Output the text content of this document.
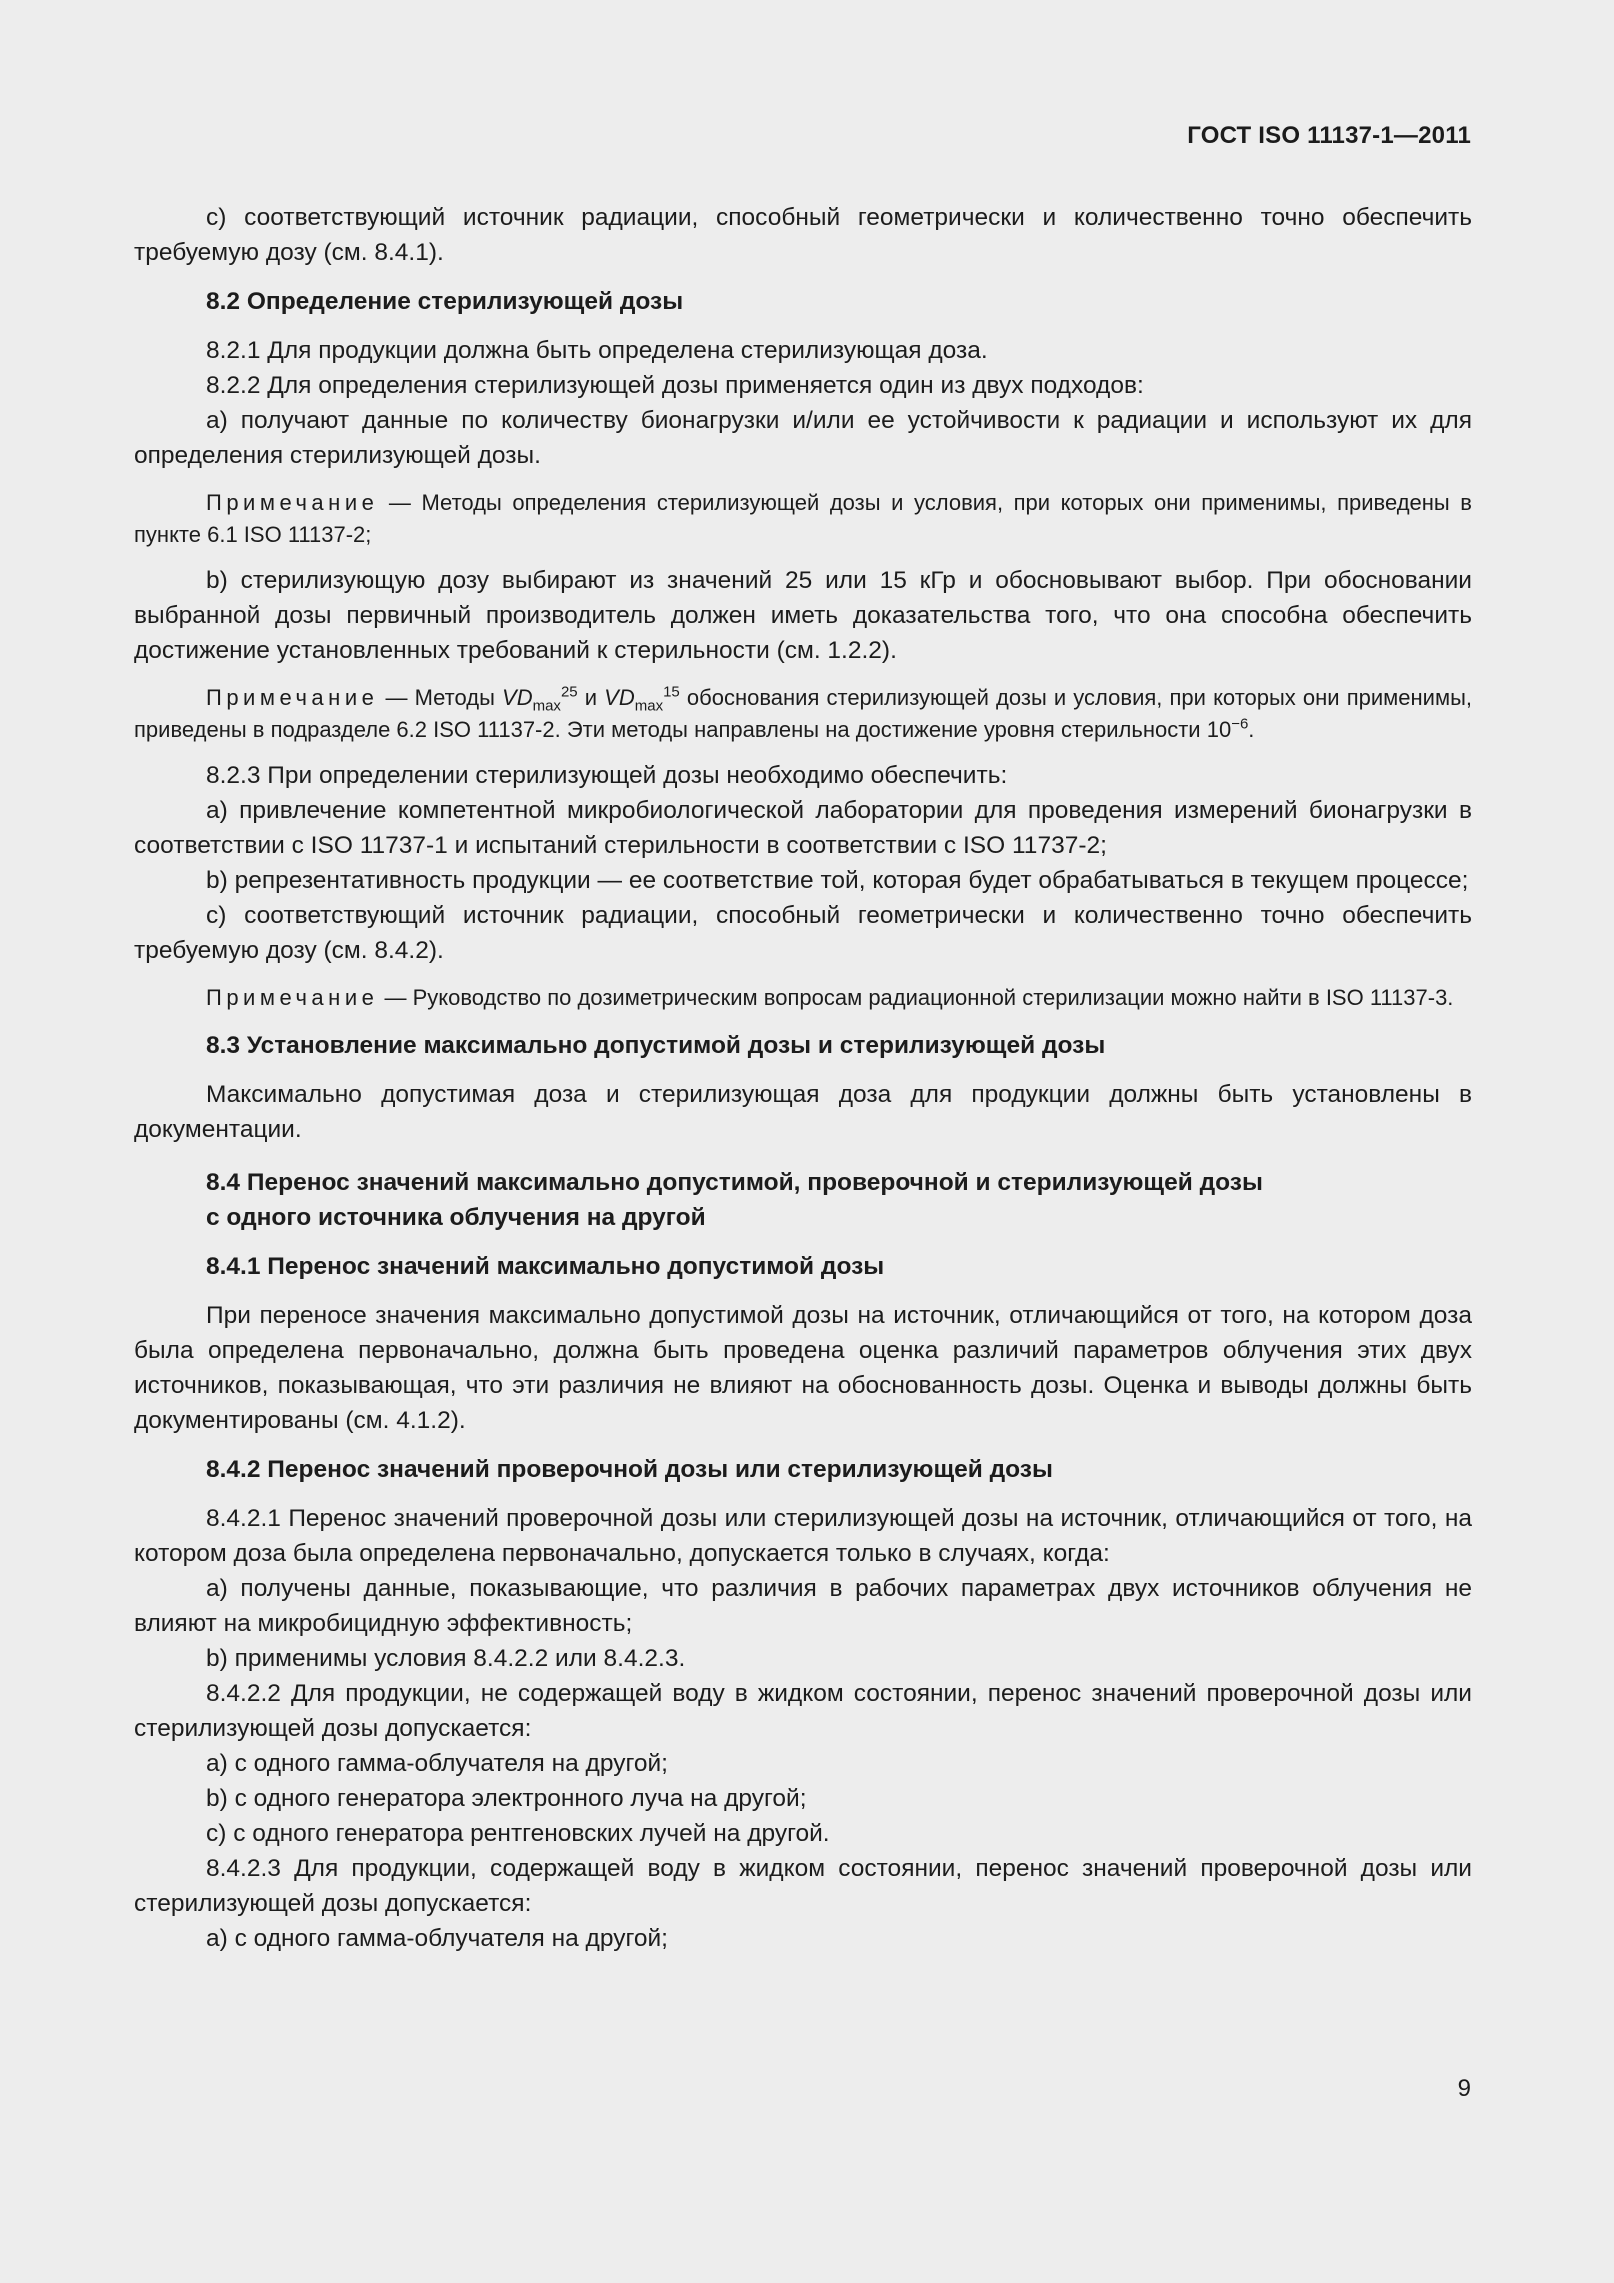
ГОСТ ISO 11137-1—2011

c) соответствующий источник радиации, способный геометрически и количественно точно обеспечить требуемую дозу (см. 8.4.1).

8.2 Определение стерилизующей дозы

8.2.1 Для продукции должна быть определена стерилизующая доза.

8.2.2 Для определения стерилизующей дозы применяется один из двух подходов:

a) получают данные по количеству бионагрузки и/или ее устойчивости к радиации и используют их для определения стерилизующей дозы.

Примечание — Методы определения стерилизующей дозы и условия, при которых они применимы, приведены в пункте 6.1 ISO 11137-2;

b) стерилизующую дозу выбирают из значений 25 или 15 кГр и обосновывают выбор. При обосновании выбранной дозы первичный производитель должен иметь доказательства того, что она способна обеспечить достижение установленных требований к стерильности (см. 1.2.2).

Примечание — Методы $VD_{max}^{25}$ и $VD_{max}^{15}$ обоснования стерилизующей дозы и условия, при которых они применимы, приведены в подразделе 6.2 ISO 11137-2. Эти методы направлены на достижение уровня стерильности $10^{-6}$.

8.2.3 При определении стерилизующей дозы необходимо обеспечить:

a) привлечение компетентной микробиологической лаборатории для проведения измерений бионагрузки в соответствии с ISO 11737-1 и испытаний стерильности в соответствии с ISO 11737-2;

b) репрезентативность продукции — ее соответствие той, которая будет обрабатываться в текущем процессе;

c) соответствующий источник радиации, способный геометрически и количественно точно обеспечить требуемую дозу (см. 8.4.2).

Примечание — Руководство по дозиметрическим вопросам радиационной стерилизации можно найти в ISO 11137-3.

8.3 Установление максимально допустимой дозы и стерилизующей дозы

Максимально допустимая доза и стерилизующая доза для продукции должны быть установлены в документации.

8.4 Перенос значений максимально допустимой, проверочной и стерилизующей дозы
с одного источника облучения на другой
8.4.1 Перенос значений максимально допустимой дозы

При переносе значения максимально допустимой дозы на источник, отличающийся от того, на котором доза была определена первоначально, должна быть проведена оценка различий параметров облучения этих двух источников, показывающая, что эти различия не влияют на обоснованность дозы. Оценка и выводы должны быть документированы (см. 4.1.2).

8.4.2 Перенос значений проверочной дозы или стерилизующей дозы

8.4.2.1 Перенос значений проверочной дозы или стерилизующей дозы на источник, отличающийся от того, на котором доза была определена первоначально, допускается только в случаях, когда:

a) получены данные, показывающие, что различия в рабочих параметрах двух источников облучения не влияют на микробицидную эффективность;

b) применимы условия 8.4.2.2 или 8.4.2.3.

8.4.2.2 Для продукции, не содержащей воду в жидком состоянии, перенос значений проверочной дозы или стерилизующей дозы допускается:

a) с одного гамма-облучателя на другой;

b) с одного генератора электронного луча на другой;

c) с одного генератора рентгеновских лучей на другой.

8.4.2.3 Для продукции, содержащей воду в жидком состоянии, перенос значений проверочной дозы или стерилизующей дозы допускается:

a) с одного гамма-облучателя на другой;

9
